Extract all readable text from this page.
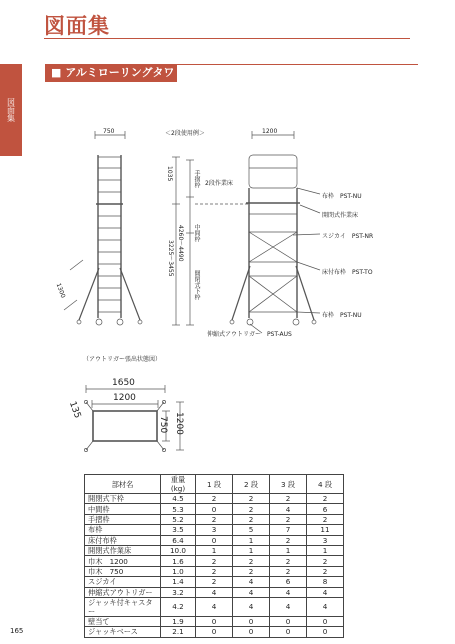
図面集
図面集
■ アルミローリングタワー
750	＜2段使用例＞	1200
1035	手摺枠 2段作業床
中間枠
開閉式下枠
3225〜3455 4260〜4490
1300
布枠　PST-NU
開閉式作業床
スジカイ　PST-NR
床付布枠　PST-TO
布枠　PST-NU
伸縮式アウトリガー　PST-AUS
（アウトリガー張出状態図）
1650
1200
135
750 1200
部材名	重量 (kg)	1 段	2 段	3 段	4 段
開閉式下枠	4.5	2	2	2	2
中間枠	5.3	0	2	4	6
手摺枠	5.2	2	2	2	2
布枠	3.5	3	5	7	11
床付布枠	6.4	0	1	2	3
開閉式作業床	10.0	1	1	1	1
巾木　1200	1.6	2	2	2	2
巾木　750	1.0	2	2	2	2
スジカイ	1.4	2	4	6	8
伸縮式アウトリガー	3.2	4	4	4	4
ジャッキ付キャスター	4.2	4	4	4	4
壁当て	1.9	0	0	0	0
ジャッキベース	2.1	0	0	0	0
165
